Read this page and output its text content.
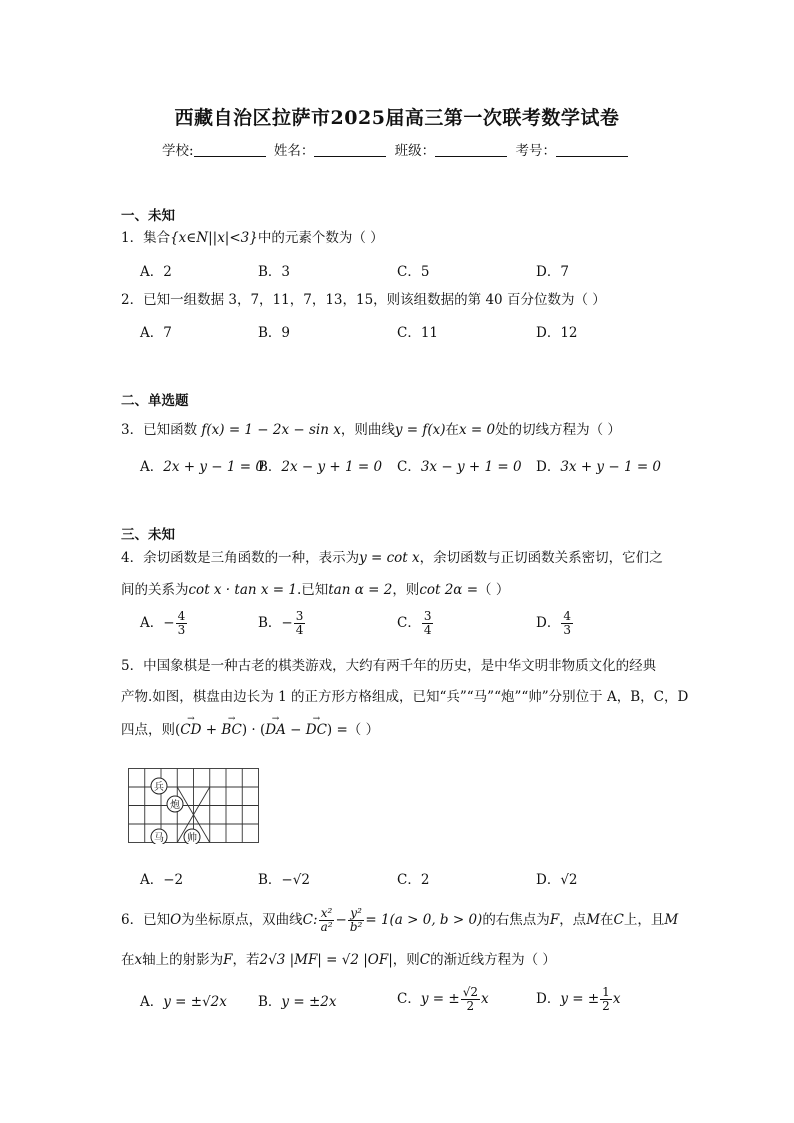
西藏自治区拉萨市2025届高三第一次联考数学试卷
学校:	姓名：	班级：	考号：
一、未知
1．集合{x∈N||x|<3}中的元素个数为（ ）
A．2	B．3	C．5	D．7
2．已知一组数据 3，7，11，7，13，15，则该组数据的第 40 百分位数为（ ）
A．7	B．9	C．11	D．12
二、单选题
3．已知函数 f(x) = 1 − 2x − sin x，则曲线y = f(x)在x = 0处的切线方程为（ ）
A．2x + y − 1 = 0
B．2x − y + 1 = 0 C．3x − y + 1 = 0 D．3x + y − 1 = 0
三、未知
4．余切函数是三角函数的一种，表示为y = cot x，余切函数与正切函数关系密切，它们之
间的关系为cot x · tan x = 1.已知tan α = 2，则cot 2α =（ ）
A．− $\frac{4}{3}$	B．− $\frac{3}{4}$	C． $\frac{3}{4}$	D． $\frac{4}{3}$
5．中国象棋是一种古老的棋类游戏，大约有两千年的历史，是中华文明非物质文化的经典
产物.如图，棋盘由边长为 1 的正方形方格组成，已知“兵”“马”“炮”“帅”分别位于 A，B，C，D
四点，则(→ CD + → BC) · (→ DA − → DC) =（ ）
兵
炮
马 帅
A．−2	B．−√2	C．2	D．√2
6．已知O为坐标原点，双曲线C: $\frac{\text{x²}}{\text{a²}} - \frac{\text{y²}}{\text{b²}} = 1(a > 0$, b > 0)的右焦点为F，点M在C上，且M
在x轴上的射影为F，若2√3 |MF| = √2 |OF|，则C的渐近线方程为（ ）
A．y = ±√2x B．y = ±2x	C．y = ± $\frac{√2}{2}$ x	D．y = ± $\frac{1}{2}$ x
